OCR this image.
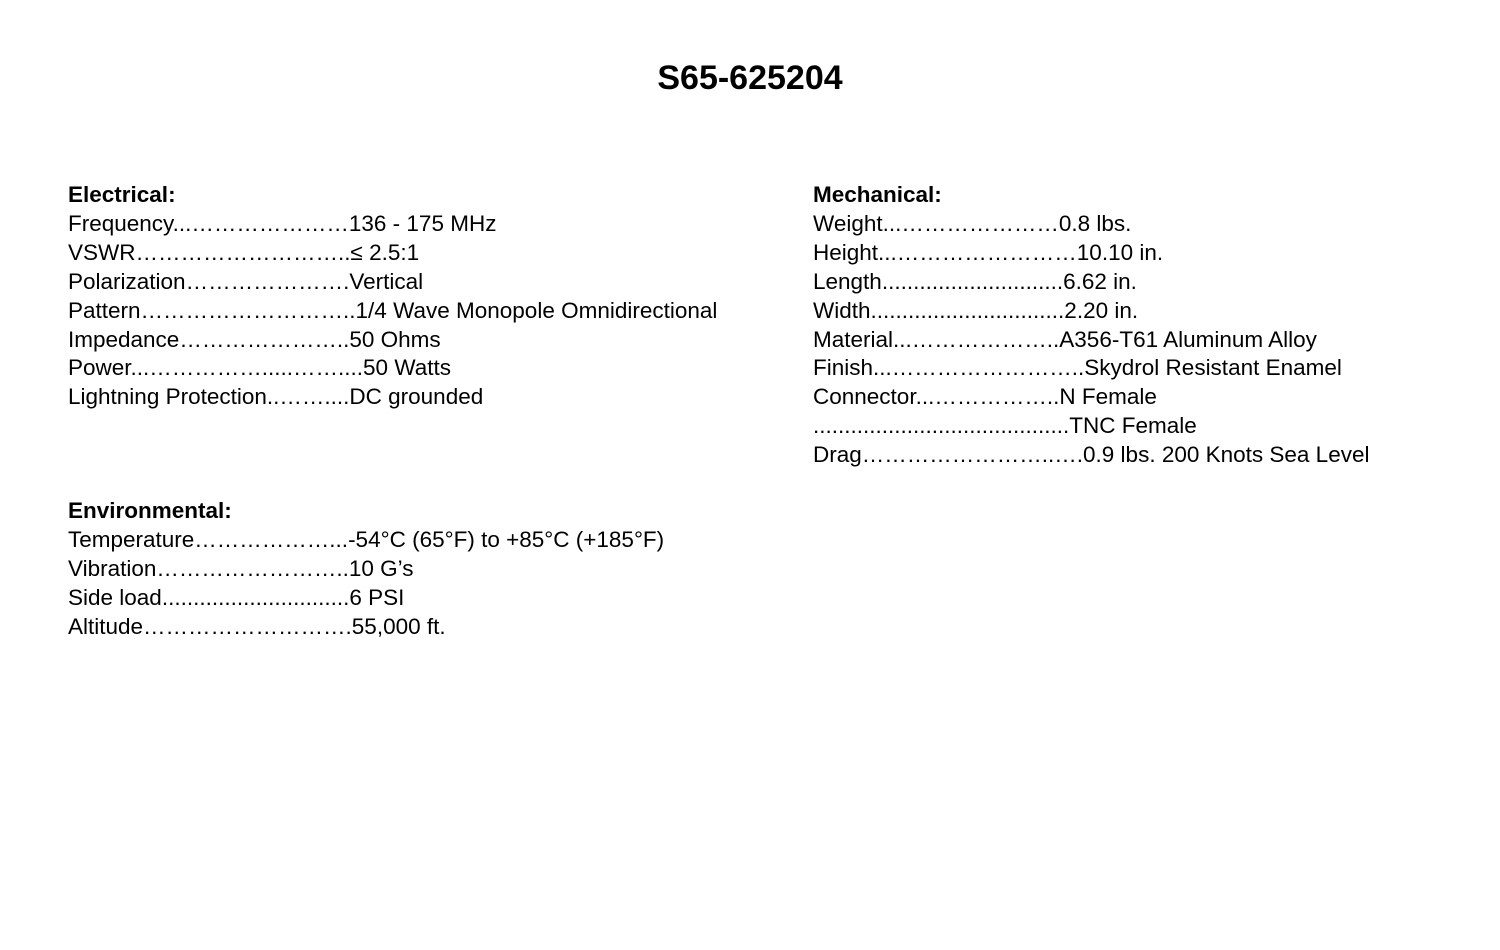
S65-625204
Electrical:
Frequency...…………………136 - 175 MHz
VSWR………………………..≤ 2.5:1
Polarization………………….Vertical
Pattern………………………..1/4 Wave Monopole Omnidirectional
Impedance…………………..50 Ohms
Power...…………….....……....50 Watts
Lightning Protection..……....DC grounded
Environmental:
Temperature………………...-54°C (65°F) to +85°C (+185°F)
Vibration……………………..10 G’s
Side load..............................6 PSI
Altitude……………………….55,000 ft.
Mechanical:
Weight...…………………0.8 lbs.
Height...……………………10.10 in.
Length.............................6.62 in.
Width...............................2.20 in.
Material...………………..A356-T61 Aluminum Alloy
Finish...……………………..Skydrol Resistant Enamel
Connector...……………..N Female
.........................................TNC Female
Drag……………………..….0.9 lbs. 200 Knots Sea Level
